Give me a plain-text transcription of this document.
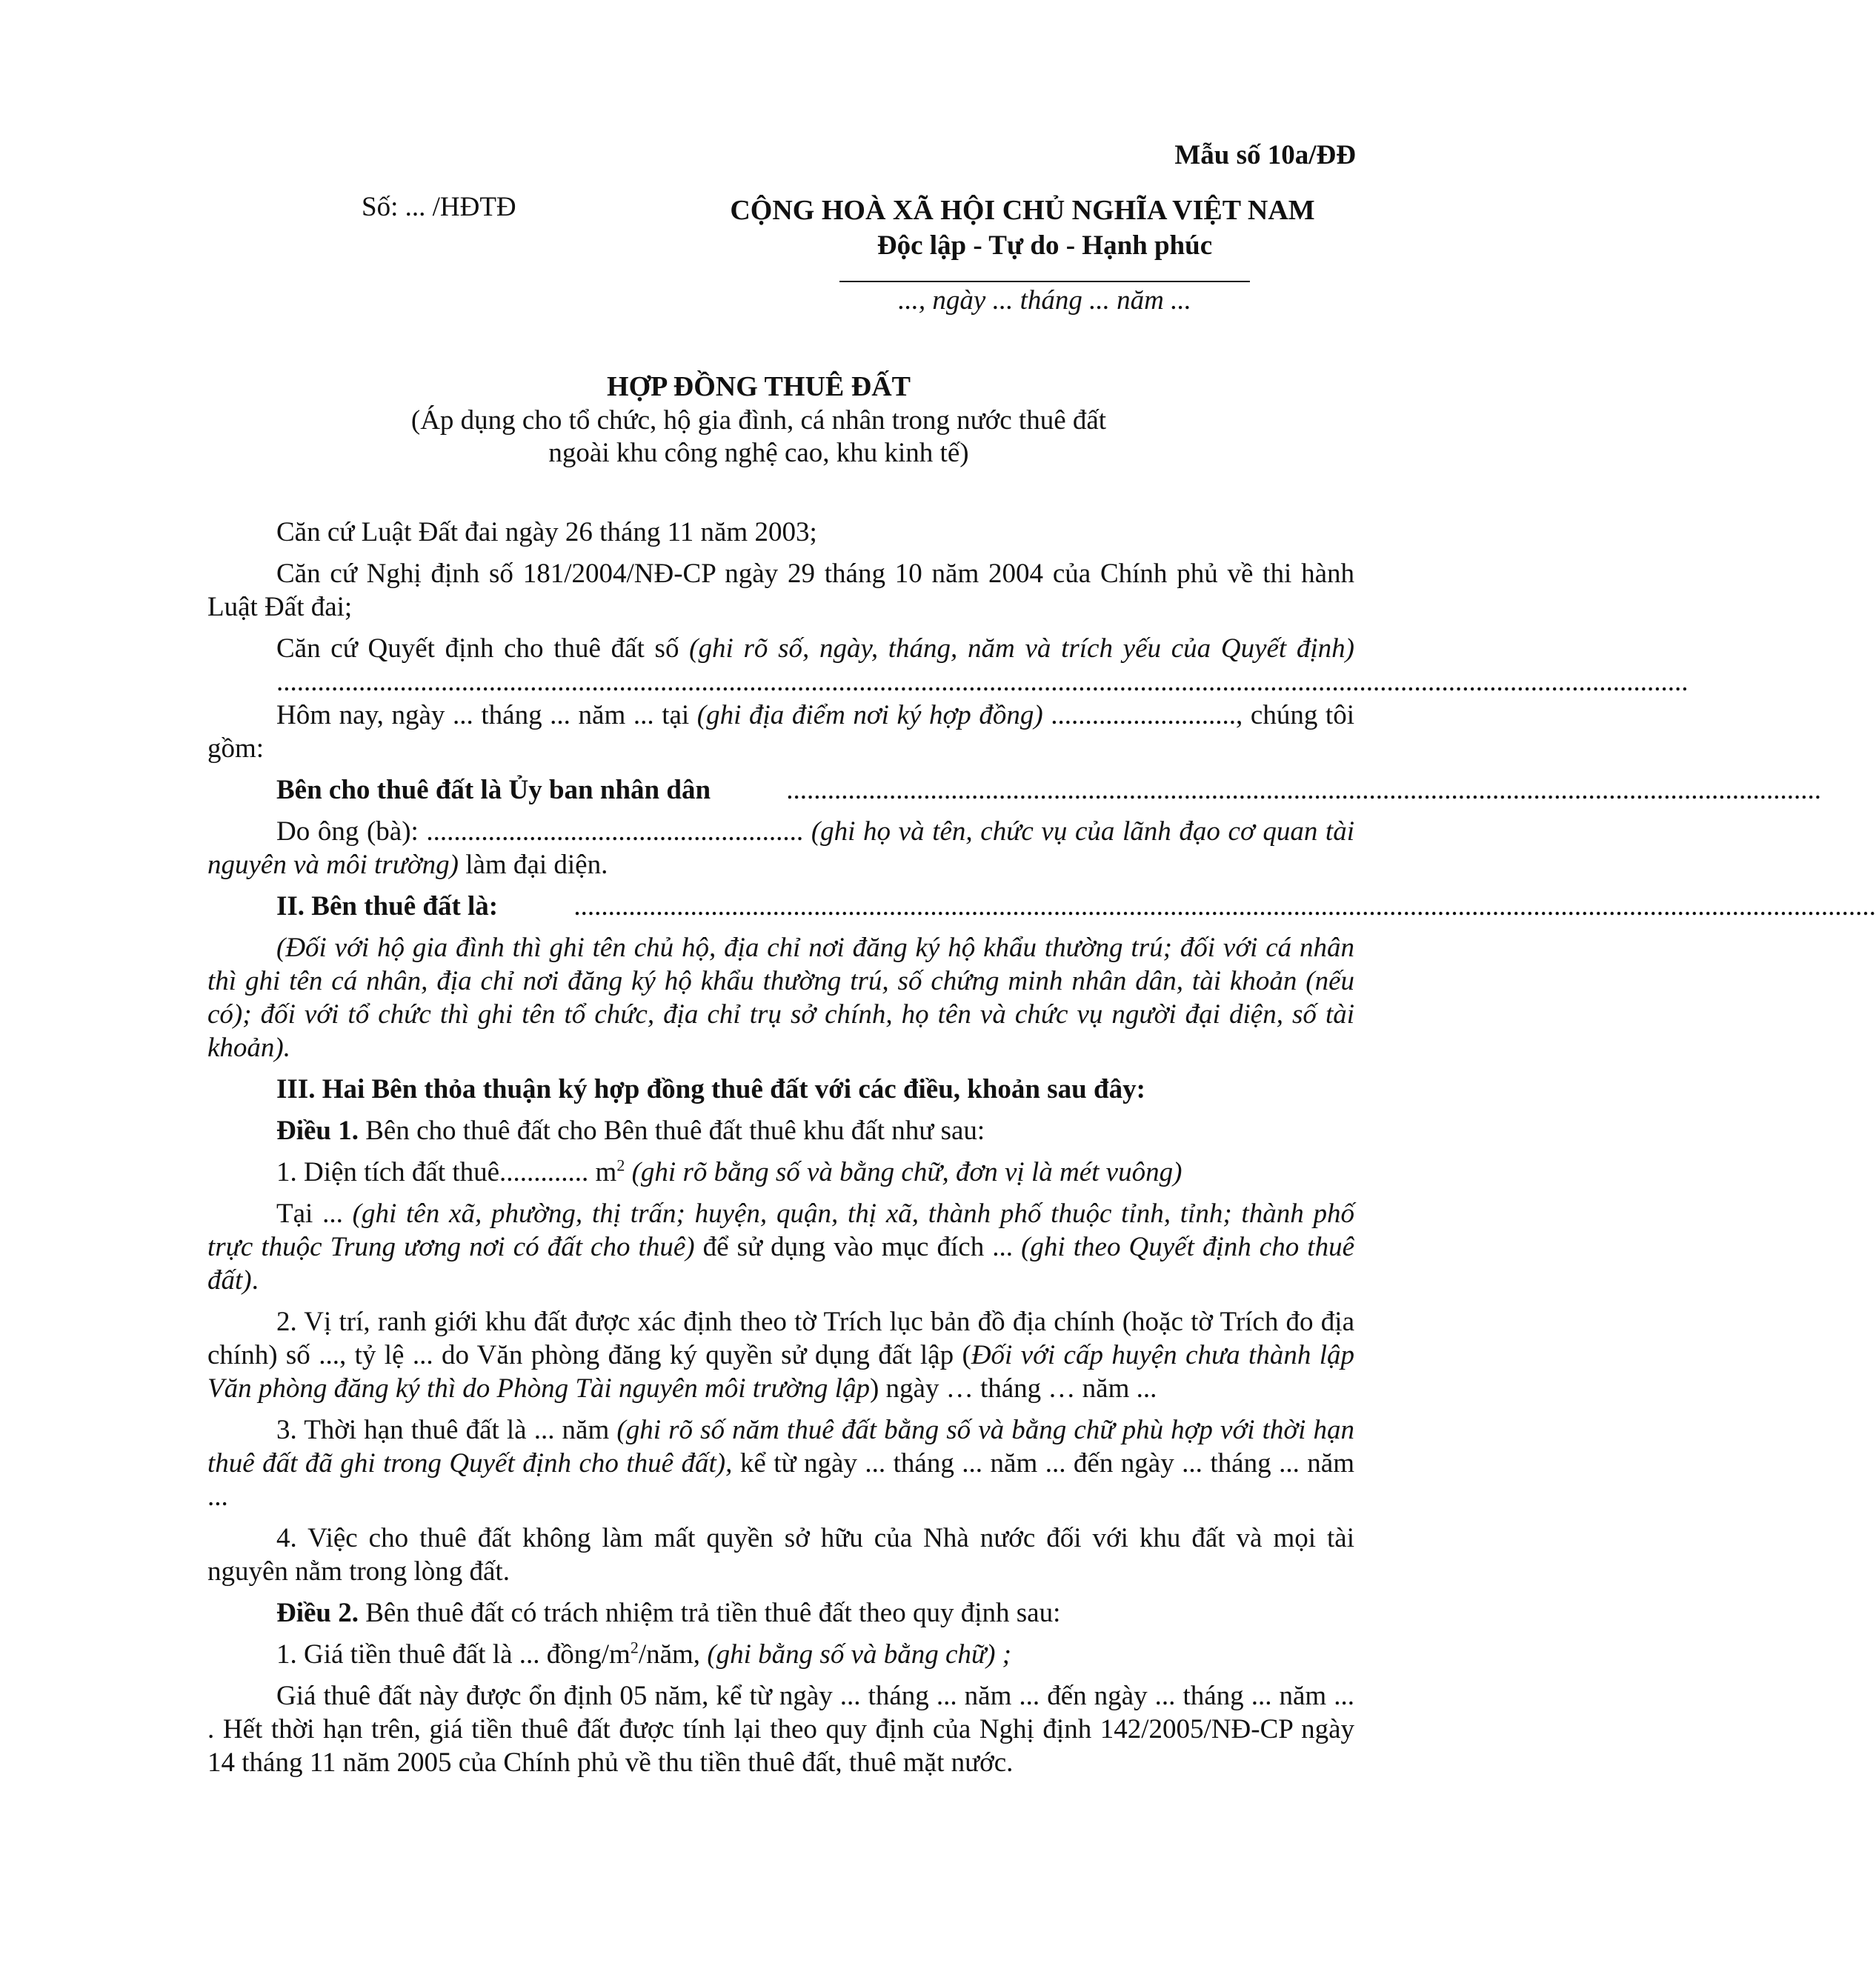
Mẫu số 10a/ĐĐ
Số: ... /HĐTĐ	CỘNG HOÀ XÃ HỘI CHỦ NGHĨA VIỆT NAM
Độc lập - Tự do - Hạnh phúc
..., ngày ... tháng ... năm ...
HỢP ĐỒNG THUÊ ĐẤT
(Áp dụng cho tổ chức, hộ gia đình, cá nhân trong nước thuê đất
ngoài khu công nghệ cao, khu kinh tế)

Căn cứ Luật Đất đai ngày 26 tháng 11 năm 2003;

Căn cứ Nghị định số 181/2004/NĐ-CP ngày 29 tháng 10 năm 2004 của Chính phủ về thi hành Luật Đất đai;

Căn cứ Quyết định cho thuê đất số (ghi rõ số, ngày, tháng, năm và trích yếu của Quyết định) ..............................................................................................................................................................................................................

Hôm nay, ngày ... tháng ... năm ... tại (ghi địa điểm nơi ký hợp đồng) ..........................., chúng tôi gồm:

Bên cho thuê đất là Ủy ban nhân dân	.......................................................................................................................................................

Do ông (bà): ....................................................... (ghi họ và tên, chức vụ của lãnh đạo cơ quan tài nguyên và môi trường) làm đại diện.

II. Bên thuê đất là:	..............................................................................................................................................................................................

(Đối với hộ gia đình thì ghi tên chủ hộ, địa chỉ nơi đăng ký hộ khẩu thường trú; đối với cá nhân thì ghi tên cá nhân, địa chỉ nơi đăng ký hộ khẩu thường trú, số chứng minh nhân dân, tài khoản (nếu có); đối với tổ chức thì ghi tên tổ chức, địa chỉ trụ sở chính, họ tên và chức vụ người đại diện, số tài khoản).

III. Hai Bên thỏa thuận ký hợp đồng thuê đất với các điều, khoản sau đây:

Điều 1. Bên cho thuê đất cho Bên thuê đất thuê khu đất như sau:

1. Diện tích đất thuê............. $m^2$ (ghi rõ bằng số và bằng chữ, đơn vị là mét vuông)

Tại ... (ghi tên xã, phường, thị trấn; huyện, quận, thị xã, thành phố thuộc tỉnh, tỉnh; thành phố trực thuộc Trung ương nơi có đất cho thuê) để sử dụng vào mục đích ... (ghi theo Quyết định cho thuê đất).

2. Vị trí, ranh giới khu đất được xác định theo tờ Trích lục bản đồ địa chính (hoặc tờ Trích đo địa chính) số ..., tỷ lệ ... do Văn phòng đăng ký quyền sử dụng đất lập (Đối với cấp huyện chưa thành lập Văn phòng đăng ký thì do Phòng Tài nguyên môi trường lập) ngày … tháng … năm ...

3. Thời hạn thuê đất là ... năm (ghi rõ số năm thuê đất bằng số và bằng chữ phù hợp với thời hạn thuê đất đã ghi trong Quyết định cho thuê đất), kể từ ngày ... tháng ... năm ... đến ngày ... tháng ... năm ...

4. Việc cho thuê đất không làm mất quyền sở hữu của Nhà nước đối với khu đất và mọi tài nguyên nằm trong lòng đất.

Điều 2. Bên thuê đất có trách nhiệm trả tiền thuê đất theo quy định sau:

1. Giá tiền thuê đất là ... đồng/$m^2$/năm, (ghi bằng số và bằng chữ) ;

Giá thuê đất này được ổn định 05 năm, kể từ ngày ... tháng ... năm ... đến ngày ... tháng ... năm ... . Hết thời hạn trên, giá tiền thuê đất được tính lại theo quy định của Nghị định 142/2005/NĐ-CP ngày 14 tháng 11 năm 2005 của Chính phủ về thu tiền thuê đất, thuê mặt nước.
